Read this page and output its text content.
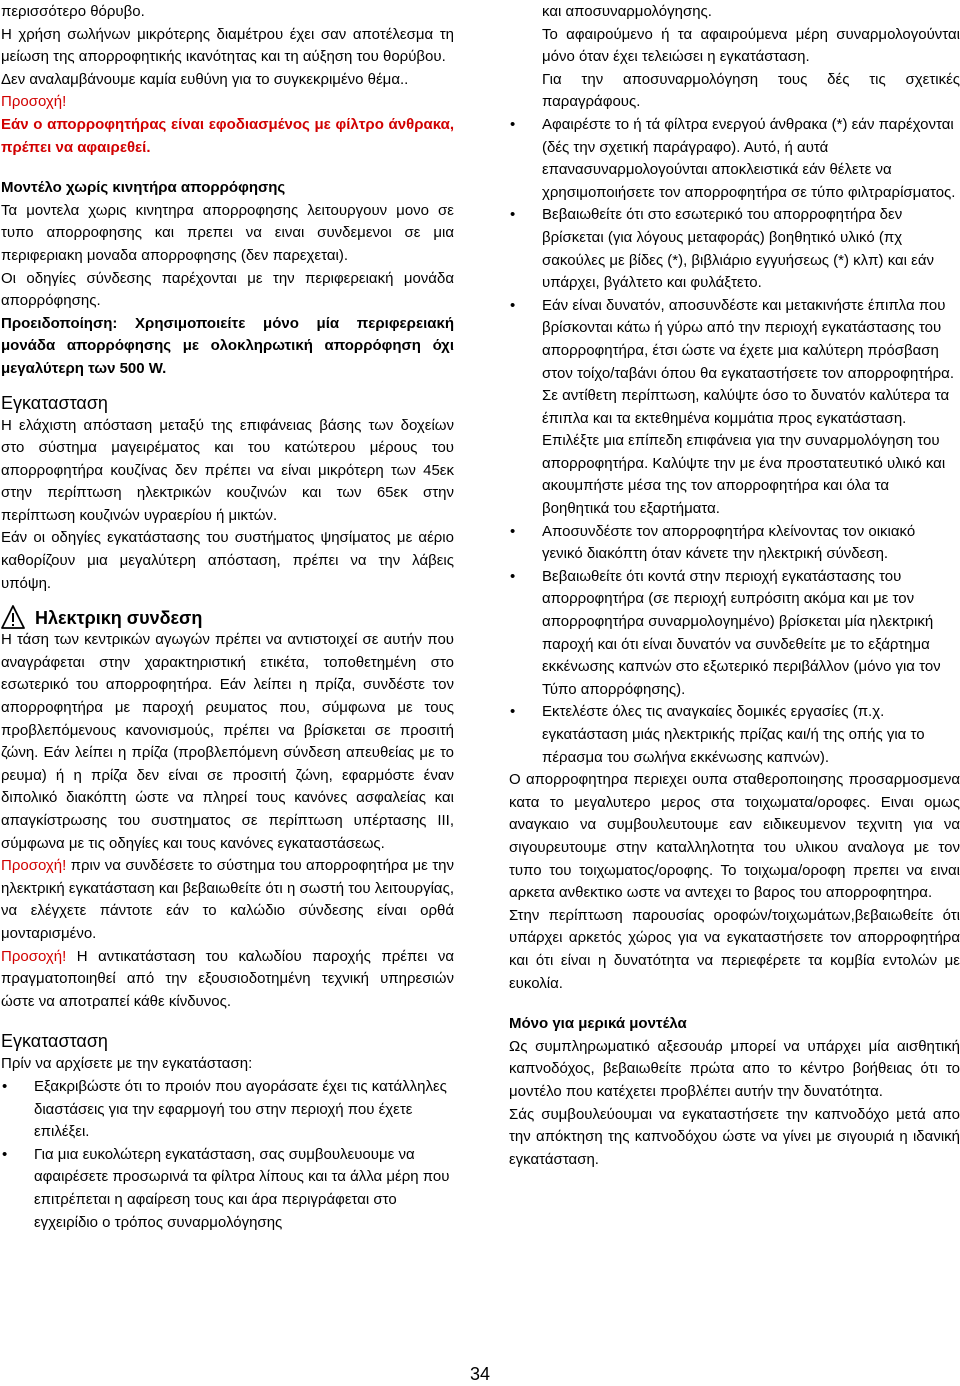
περισσότερο θόρυβο.

Η χρήση σωλήνων μικρότερης διαμέτρου έχει σαν αποτέλεσμα τη μείωση της απορροφητικής ικανότητας και τη αύξηση του θορύβου.

Δεν αναλαμβάνουμε καμία ευθύνη για το συγκεκριμένο θέμα..

Προσοχή!

Εάν ο απορροφητήρας είναι εφοδιασμένος με φίλτρο άνθρακα, πρέπει να αφαιρεθεί.

Μοντέλο χωρίς κινητήρα απορρόφησης

Τα μοντελα χωρις κινητηρα απορροφησης λειτουργουν μονο σε τυπο απορροφησης και πρεπει να ειναι συνδεμενοι σε μια περιφεριακη μοναδα απορροφησης (δεν παρεχεται).

Οι οδηγίες σύνδεσης παρέχονται με την περιφερειακή μονάδα απορρόφησης.

Προειδοποίηση: Χρησιμοποιείτε μόνο μία περιφερειακή μονάδα απορρόφησης με ολοκληρωτική απορρόφηση όχι μεγαλύτερη των 500 W.

Εγκατασταση

Η ελάχιστη απόσταση μεταξύ της επιφάνειας βάσης των δοχείων στο σύστημα μαγειρέματος και του κατώτερου μέρους του απορροφητήρα κουζίνας δεν πρέπει να είναι μικρότερη των 45εκ στην περίπτωση ηλεκτρικών κουζινών και των 65εκ στην περίπτωση κουζινών υγραερίου ή μικτών.

Εάν οι οδηγίες εγκατάστασης του συστήματος ψησίματος με αέριο καθορίζουν μια μεγαλύτερη απόσταση, πρέπει να την λάβεις υπόψη.

Ηλεκτρικη συνδεση

Η τάση των κεντρικών αγωγών πρέπει να αντιστοιχεί σε αυτήν που αναγράφεται στην χαρακτηριστική ετικέτα, τοποθετημένη στο εσωτερικό του απορροφητήρα. Εάν λείπει η πρίζα, συνδέστε τον απορροφητήρα με παροχή ρευματος που, σύμφωνα με τους προβλεπόμενους κανονισμούς, πρέπει να βρίσκεται σε προσιτή ζώνη. Εάν λείπει η πρίζα (προβλεπόμενη σύνδεση απευθείας με το ρευμα) ή η πρίζα δεν είναι σε προσιτή ζώνη, εφαρμόστε έναν διπολικό διακόπτη ώστε να πληρεί τους κανόνες ασφαλείας και απαγκίστρωσης του συστηματος σε περίπτωση υπέρτασης III, σύμφωνα με τις οδηγίες και τους κανόνες εγκαταστάσεως.

Προσοχή! πριν να συνδέσετε το σύστημα του απορροφητήρα με την ηλεκτρική εγκατάσταση και βεβαιωθείτε ότι η σωστή του λειτουργίας, να ελέγχετε πάντοτε εάν το καλώδιο σύνδεσης είναι ορθά μονταρισμένο.

Προσοχή! Η αντικατάσταση του καλωδίου παροχής πρέπει να πραγματοποιηθεί από την εξουσιοδοτημένη τεχνική υπηρεσιών ώστε να αποτραπεί κάθε κίνδυνος.

Εγκατασταση

Πρίν να αρχίσετε με την εγκατάσταση:

• Εξακριβώστε ότι το προιόν που αγοράσατε έχει τις κατάλληλες διαστάσεις για την εφαρμογή του στην περιοχή που έχετε επιλέξει.
• Για μια ευκολώτερη εγκατάσταση, σας συμβουλευουμε να αφαιρέσετε προσωρινά τα φίλτρα λίπους και τα άλλα μέρη που επιτρέπεται η αφαίρεση τους και άρα περιγράφεται στο εγχειρίδιο ο τρόπος συναρμολόγησης

και αποσυναρμολόγησης.

Το αφαιρούμενο ή τα αφαιρούμενα μέρη συναρμολογούνται μόνο όταν έχει τελειώσει η εγκατάσταση.

Για την αποσυναρμολόγηση τους δές τις σχετικές παραγράφους.

• Αφαιρέστε το ή τά φίλτρα ενεργού άνθρακα (*) εάν παρέχονται (δές την σχετική παράγραφο). Αυτό, ή αυτά επανασυναρμολογούνται αποκλειστικά εάν θέλετε να χρησιμοποιήσετε τον απορροφητήρα σε τύπο φιλτραρίσματος.
• Βεβαιωθείτε ότι στο εσωτερικό του απορροφητήρα δεν βρίσκεται (για λόγους μεταφοράς) βοηθητικό υλικό (πχ σακούλες με βίδες (*), βιβλιάριο εγγυήσεως (*) κλπ) και εάν υπάρχει, βγάλτετο και φυλάξτετο.
• Εάν είναι δυνατόν, αποσυνδέστε και μετακινήστε έπιπλα που βρίσκονται κάτω ή γύρω από την περιοχή εγκατάστασης του απορροφητήρα, έτσι ώστε να έχετε μια καλύτερη πρόσβαση στον τοίχο/ταβάνι όπου θα εγκαταστήσετε τον απορροφητήρα. Σε αντίθετη περίπτωση, καλύψτε όσο το δυνατόν καλύτερα τα έπιπλα και τα εκτεθημένα κομμάτια προς εγκατάσταση. Επιλέξτε μια επίπεδη επιφάνεια για την συναρμολόγηση του απορροφητήρα. Καλύψτε την με ένα προστατευτικό υλικό και ακουμπήστε μέσα της τον απορροφητήρα και όλα τα βοηθητικά του εξαρτήματα.
• Αποσυνδέστε τον απορροφητήρα κλείνοντας τον οικιακό γενικό διακόπτη όταν κάνετε την ηλεκτρική σύνδεση.
• Βεβαιωθείτε ότι κοντά στην περιοχή εγκατάστασης του απορροφητήρα (σε περιοχή ευπρόσιτη ακόμα και με τον απορροφητήρα συναρμολογημένο) βρίσκεται μία ηλεκτρική παροχή και ότι είναι δυνατόν να συνδεθείτε με το εξάρτημα εκκένωσης καπνών στο εξωτερικό περιβάλλον (μόνο για τον Τύπο απορρόφησης).
• Εκτελέστε όλες τις αναγκαίες δομικές εργασίες (π.χ. εγκατάσταση μιάς ηλεκτρικής πρίζας και/ή της οπής για το πέρασμα του σωλήνα εκκένωσης καπνών).

Ο απορροφητηρα περιεχει ουπα σταθεροποιησης προσαρμοσμενα κατα το μεγαλυτερο μερος στα τοιχωματα/οροφες. Ειναι ομως αναγκαιο να συμβουλευτουμε εαν ειδικευμενον τεχνιτη για να σιγουρευτουμε στην καταλληλοτητα του υλικου αναλογα με τον τυπο του τοιχωματος/οροφης. Το τοιχωμα/οροφη πρεπει να ειναι αρκετα ανθεκτικο ωστε να αντεχει το βαρος του απορροφητηρα.

Στην περίπτωση παρουσίας οροφών/τοιχωμάτων,βεβαιωθείτε ότι υπάρχει αρκετός χώρος για να εγκαταστήσετε τον απορροφητήρα και ότι είναι η δυνατότητα να περιεφέρετε τα κομβία εντολών με ευκολία.

Μόνο για μερικά μοντέλα

Ως συμπληρωματικό αξεσουάρ μπορεί να υπάρχει μία αισθητική καπνοδόχος, βεβαιωθείτε πρώτα απο το κέντρο βοήθειας ότι το μοντέλο που κατέχετει προβλέπει αυτήν την δυνατότητα.

Σάς συμβουλεύουμαι να εγκαταστήσετε την καπνοδόχο μετά απο την απόκτηση της καπνοδόχου ώστε να γίνει με σιγουριά η ιδανική εγκατάσταση.

34
